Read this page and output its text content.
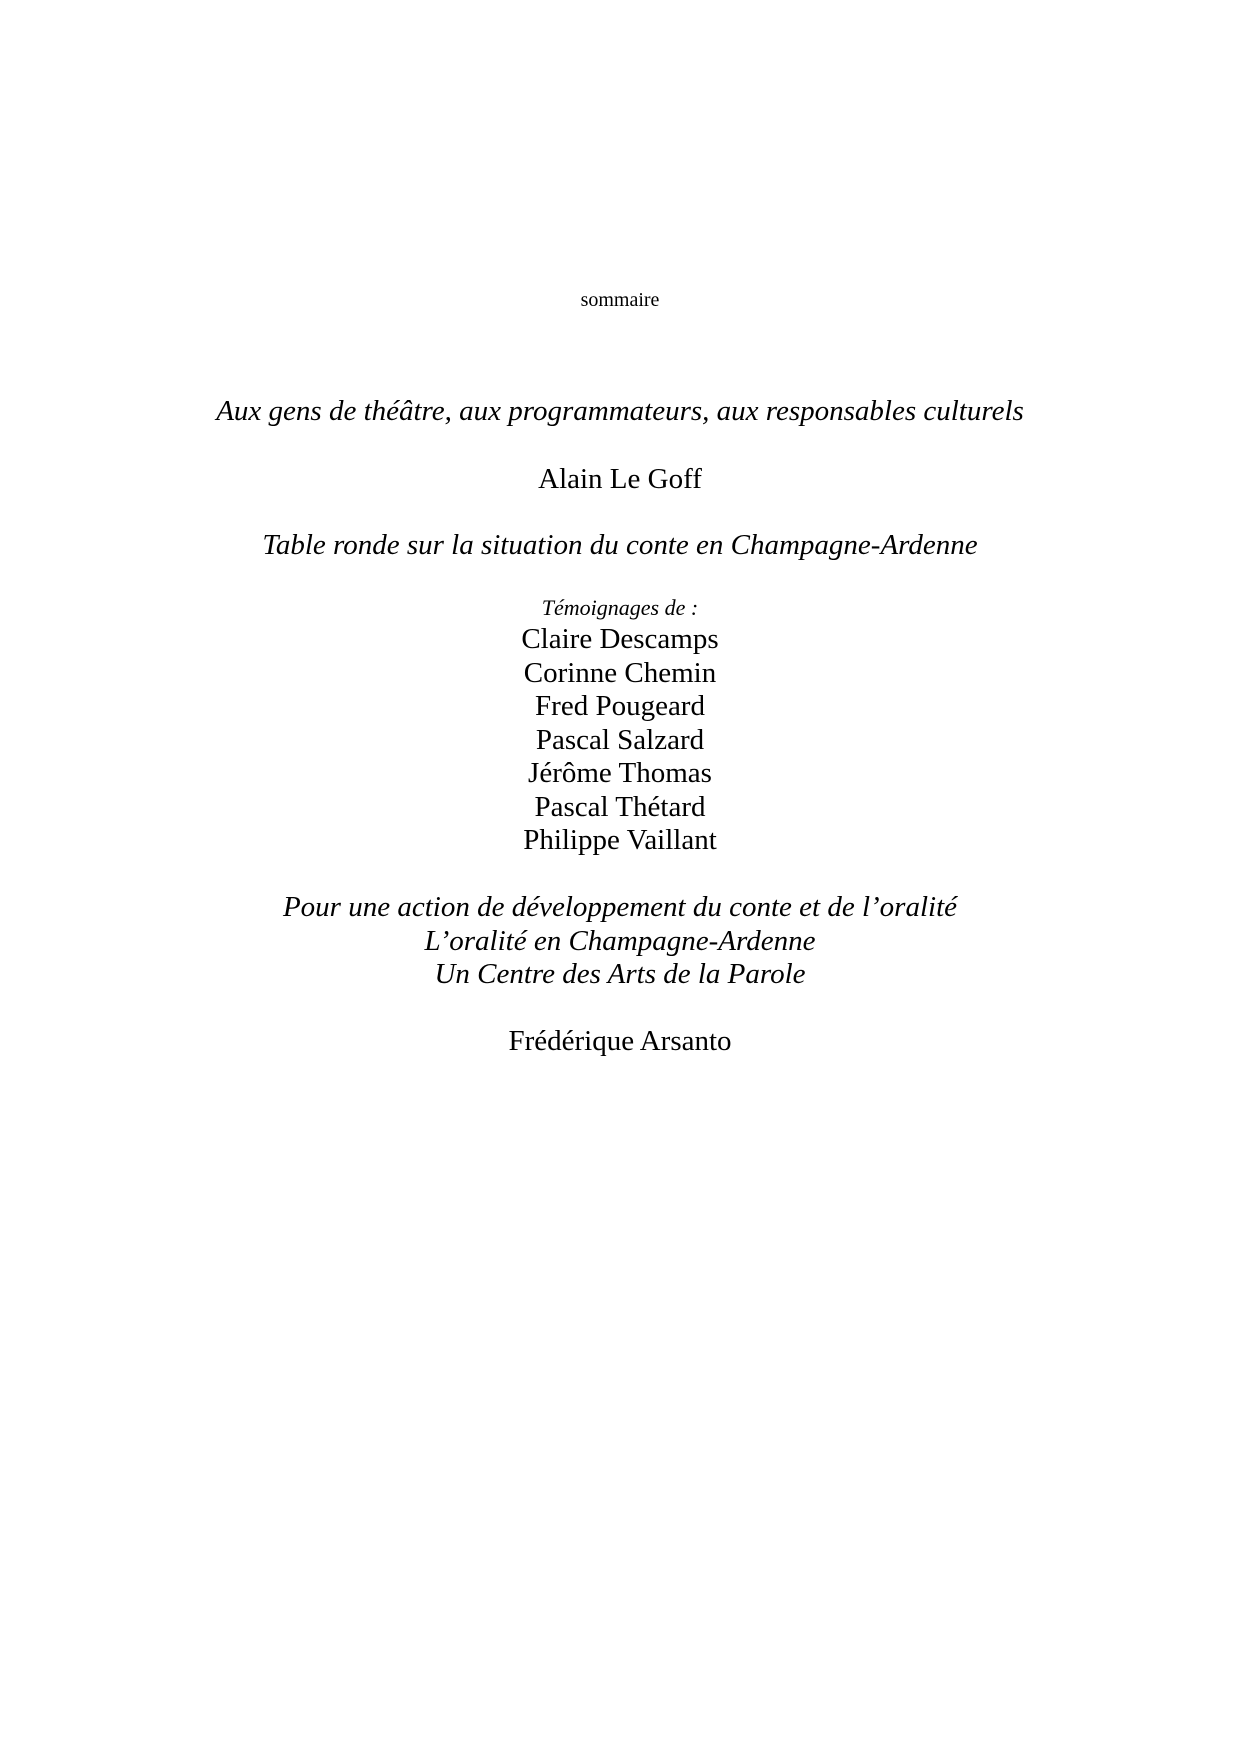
sommaire
Aux gens de théâtre, aux programmateurs, aux responsables culturels
Alain Le Goff
Table ronde sur la situation du conte en Champagne-Ardenne
Témoignages de :
Claire Descamps
Corinne Chemin
Fred Pougeard
Pascal Salzard
Jérôme Thomas
Pascal Thétard
Philippe Vaillant
Pour une action de développement du conte et de l’oralité
L’oralité en Champagne-Ardenne
Un Centre des Arts de la Parole
Frédérique Arsanto
